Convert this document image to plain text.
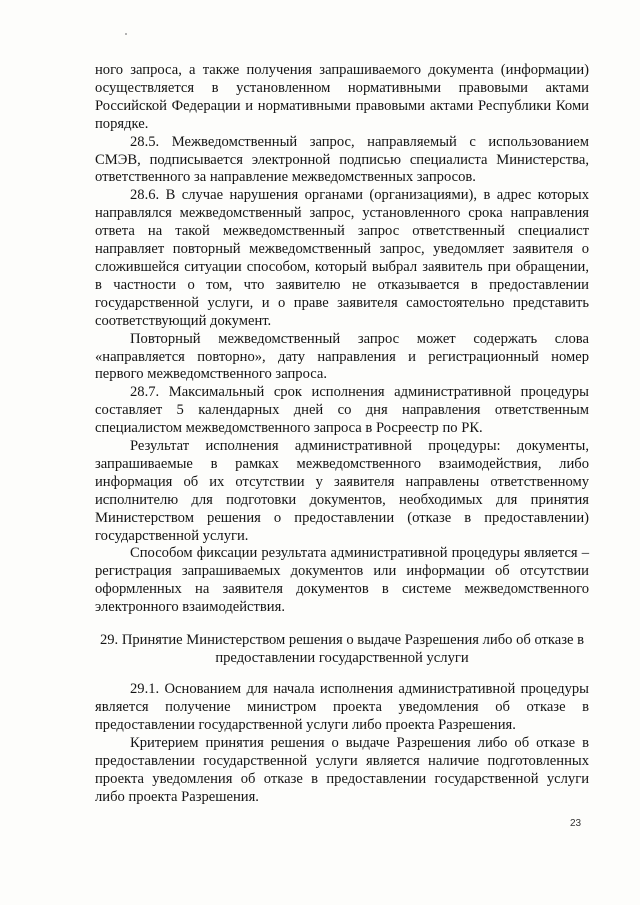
ного запроса, а также получения запрашиваемого документа (информации) осуществляется в установленном нормативными правовыми актами Российской Федерации и нормативными правовыми актами Республики Коми порядке.

28.5. Межведомственный запрос, направляемый с использованием СМЭВ, подписывается электронной подписью специалиста Министерства, ответственного за направление межведомственных запросов.

28.6. В случае нарушения органами (организациями), в адрес которых направлялся межведомственный запрос, установленного срока направления ответа на такой межведомственный запрос ответственный специалист направляет повторный межведомственный запрос, уведомляет заявителя о сложившейся ситуации способом, который выбрал заявитель при обращении, в частности о том, что заявителю не отказывается в предоставлении государственной услуги, и о праве заявителя самостоятельно представить соответствующий документ.

Повторный межведомственный запрос может содержать слова «направляется повторно», дату направления и регистрационный номер первого межведомственного запроса.

28.7. Максимальный срок исполнения административной процедуры составляет 5 календарных дней со дня направления ответственным специалистом межведомственного запроса в Росреестр по РК.

Результат исполнения административной процедуры: документы, запрашиваемые в рамках межведомственного взаимодействия, либо информация об их отсутствии у заявителя направлены ответственному исполнителю для подготовки документов, необходимых для принятия Министерством решения о предоставлении (отказе в предоставлении) государственной услуги.

Способом фиксации результата административной процедуры является – регистрация запрашиваемых документов или информации об отсутствии оформленных на заявителя документов в системе межведомственного электронного взаимодействия.

29. Принятие Министерством решения о выдаче Разрешения либо об отказе в предоставлении государственной услуги

29.1. Основанием для начала исполнения административной процедуры является получение министром проекта уведомления об отказе в предоставлении государственной услуги либо проекта Разрешения.

Критерием принятия решения о выдаче Разрешения либо об отказе в предоставлении государственной услуги является наличие подготовленных проекта уведомления об отказе в предоставлении государственной услуги либо проекта Разрешения.

23
